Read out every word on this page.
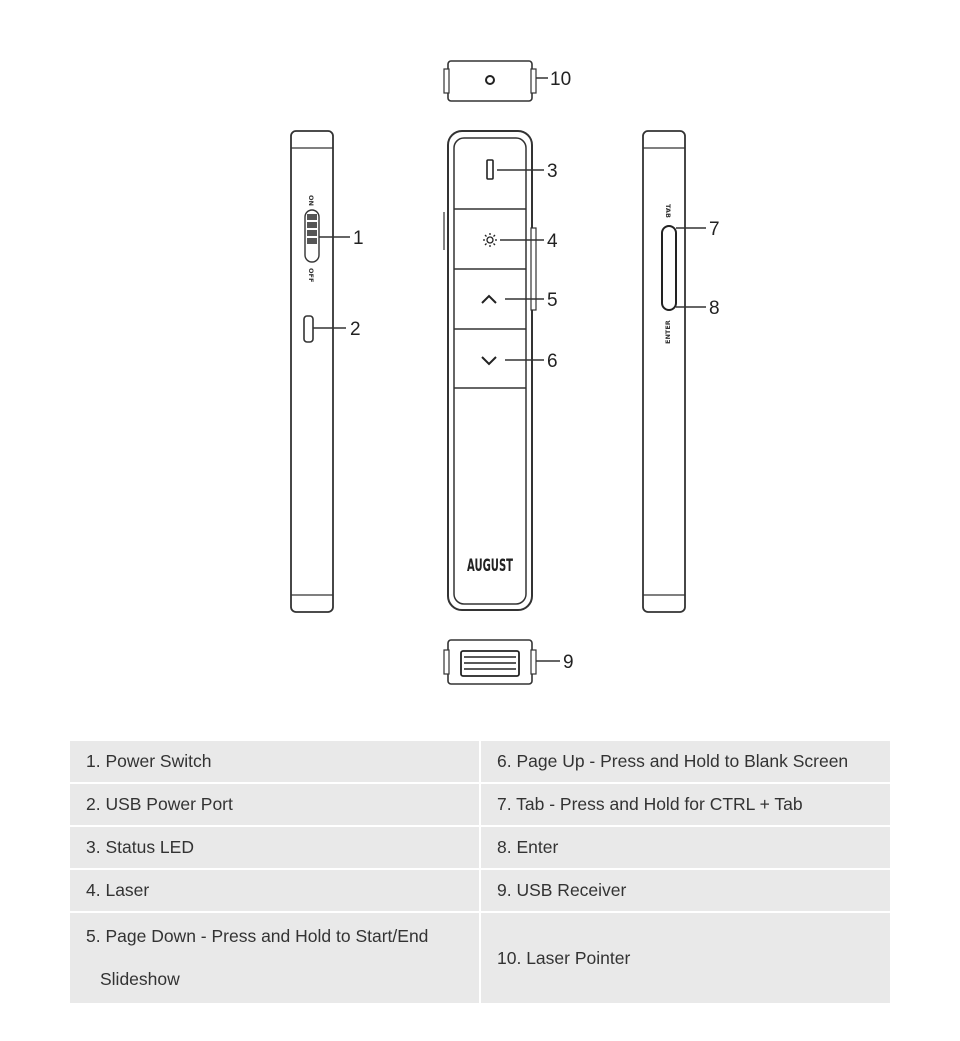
10
ON
OFF
1
2
3
4
5
6
AUGUST
TAB
ENTER
7
8
9
1. Power Switch	6. Page Up - Press and Hold to Blank Screen
2. USB Power Port	7. Tab - Press and Hold for CTRL + Tab
3. Status LED	8. Enter
4. Laser	9. USB Receiver
5. Page Down - Press and Hold to Start/End
Slideshow	10. Laser Pointer
